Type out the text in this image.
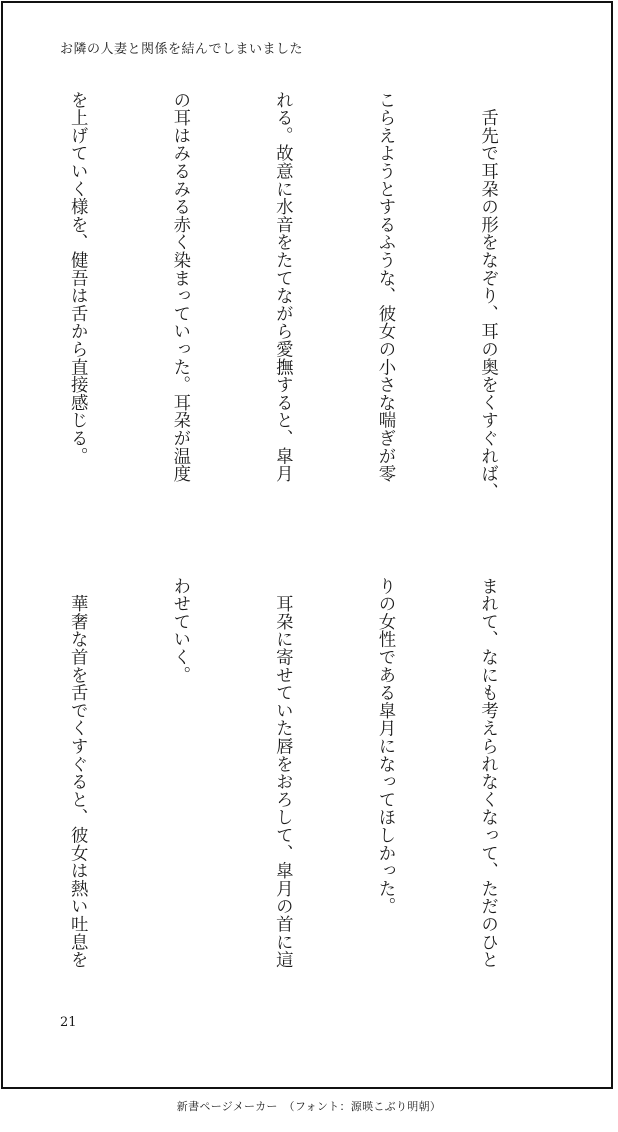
お隣の人妻と関係を結んでしまいました

　舌先で耳朶の形をなぞり、耳の奥をくすぐれば、

こらえようとするふうな、彼女の小さな喘ぎが零

れる。故意に水音をたてながら愛撫すると、皐月

の耳はみるみる赤く染まっていった。耳朶が温度

を上げていく様を、健吾は舌から直接感じる。

まれて、なにも考えられなくなって、ただのひと

りの女性である皐月になってほしかった。

　耳朶に寄せていた唇をおろして、皐月の首に這

わせていく。

　華奢な首を舌でくすぐると、彼女は熱い吐息を

21
新書ページメーカー　（フォント：源暎こぶり明朝）
